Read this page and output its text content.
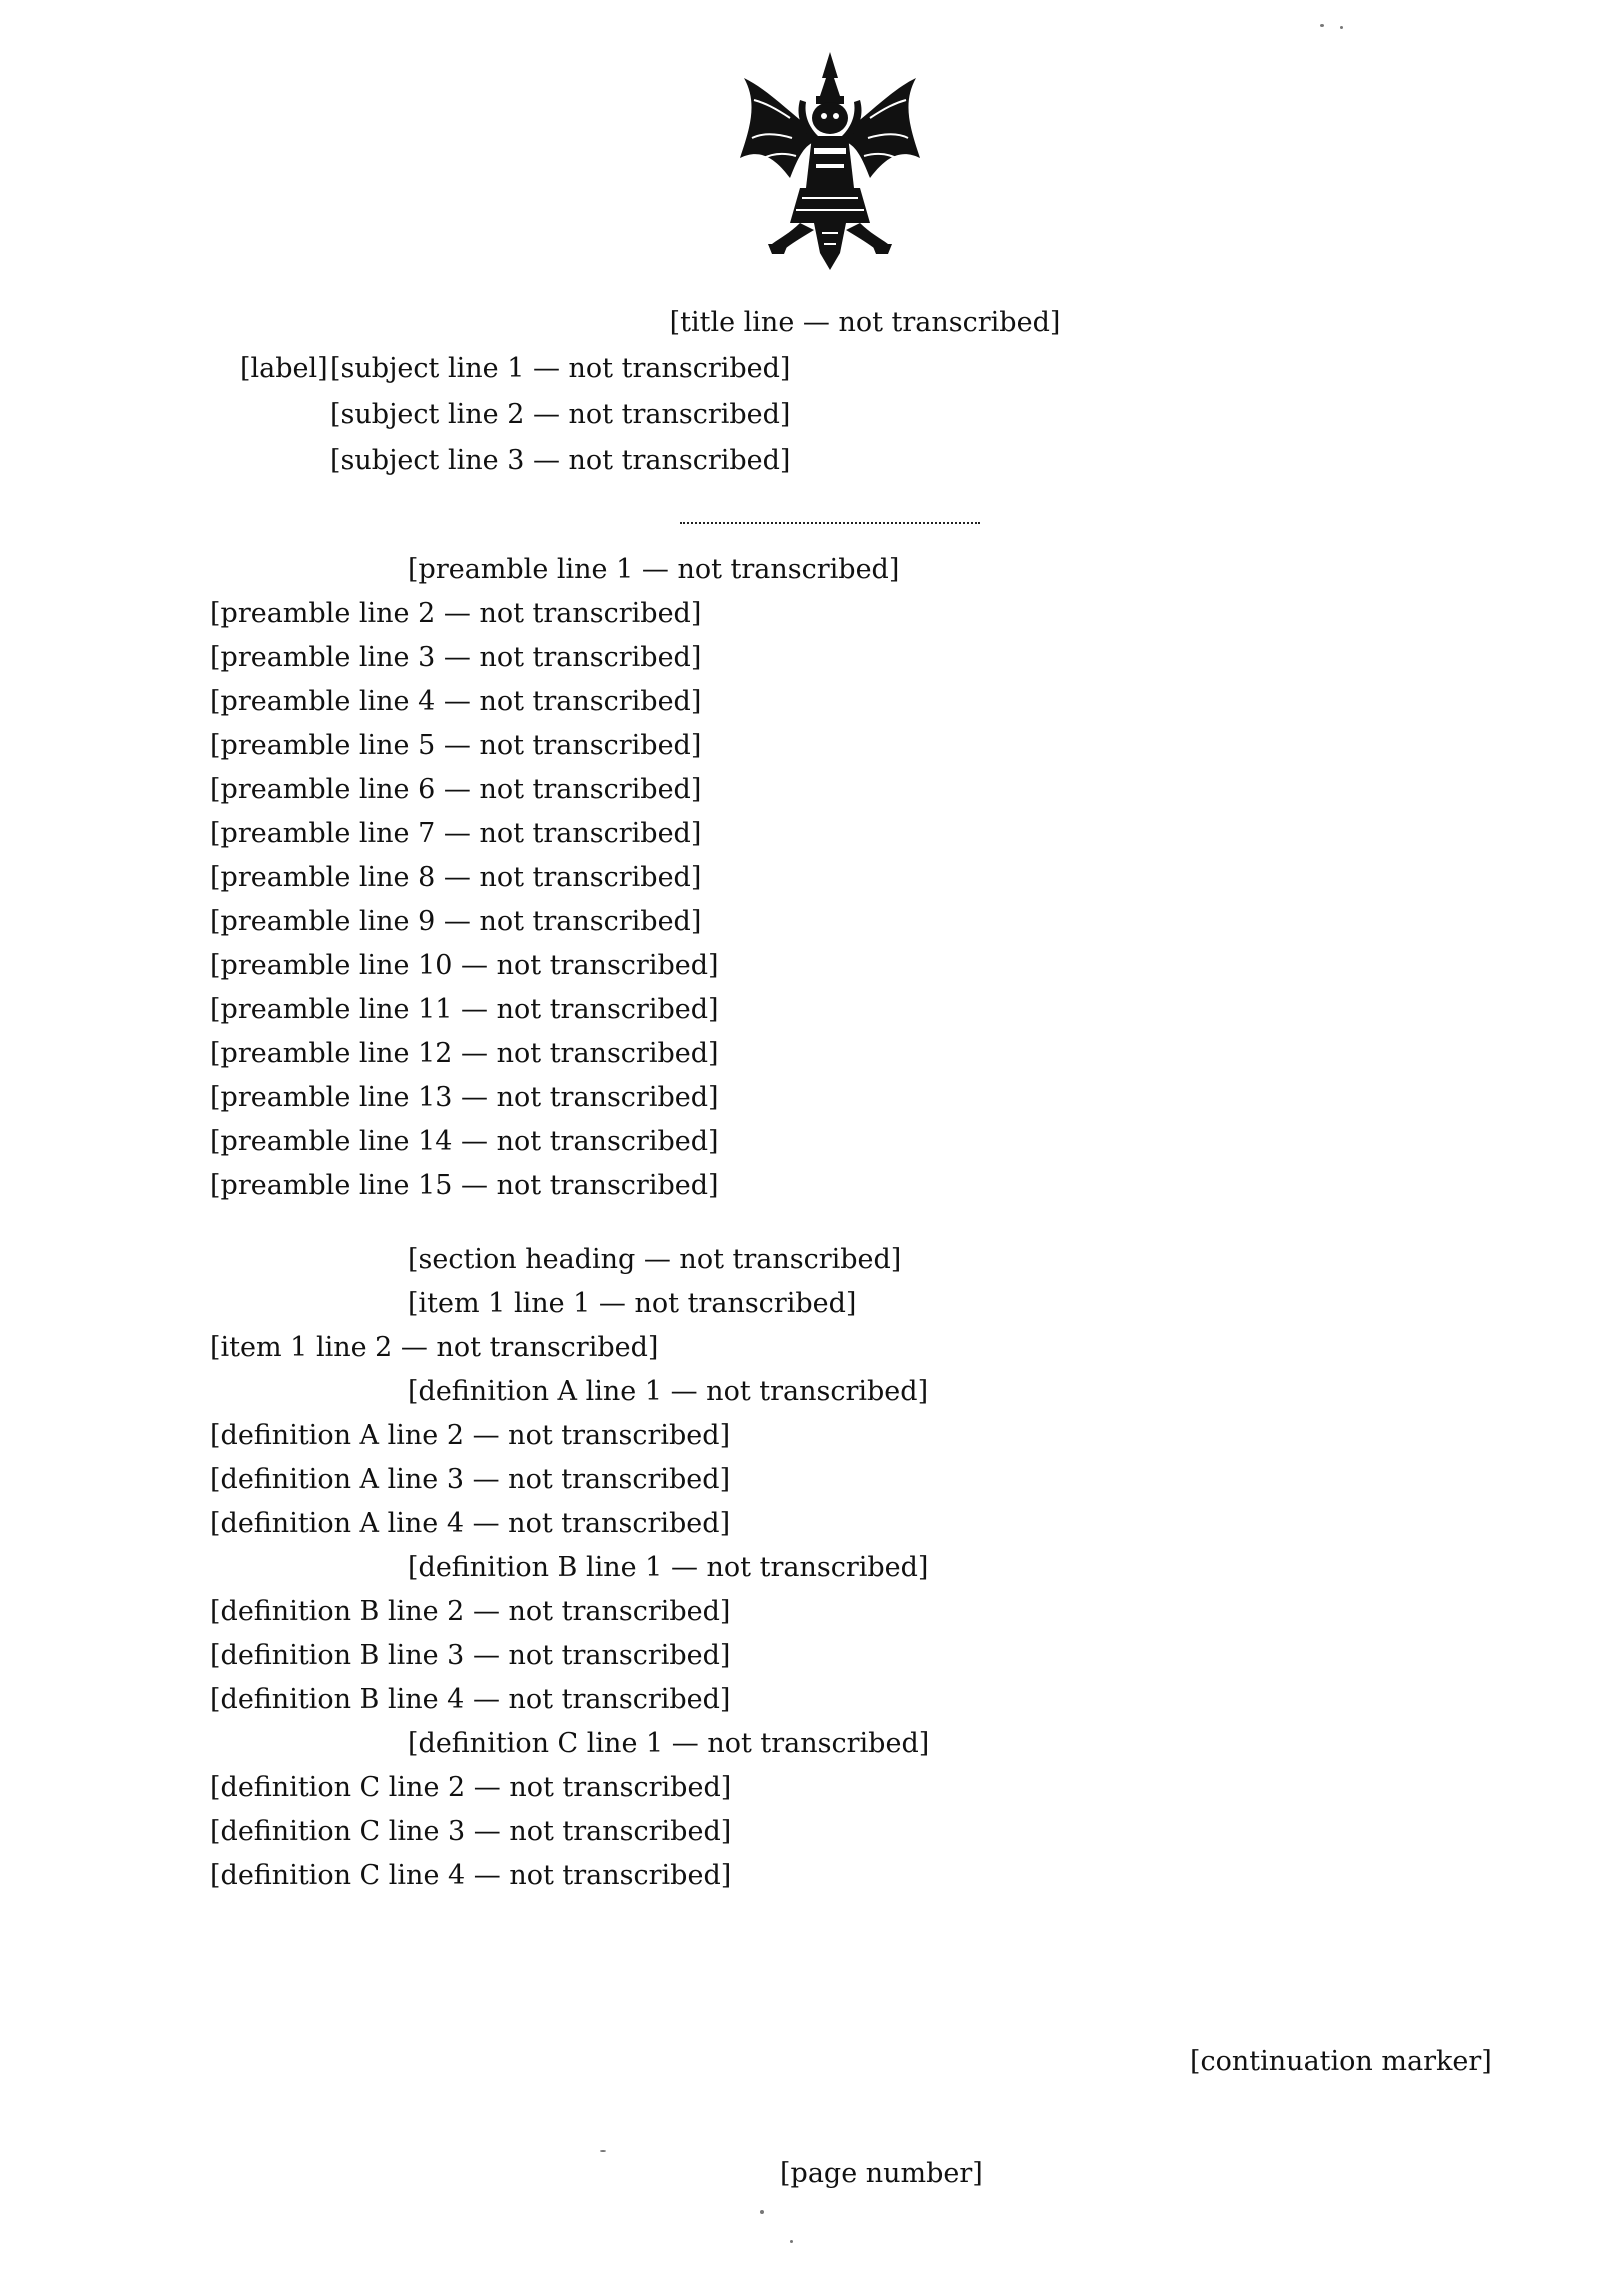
[title line — not transcribed]
[label] [subject line 1 — not transcribed]
[subject line 2 — not transcribed]
[subject line 3 — not transcribed]
[preamble line 1 — not transcribed]
[preamble line 2 — not transcribed]
[preamble line 3 — not transcribed]
[preamble line 4 — not transcribed]
[preamble line 5 — not transcribed]
[preamble line 6 — not transcribed]
[preamble line 7 — not transcribed]
[preamble line 8 — not transcribed]
[preamble line 9 — not transcribed]
[preamble line 10 — not transcribed]
[preamble line 11 — not transcribed]
[preamble line 12 — not transcribed]
[preamble line 13 — not transcribed]
[preamble line 14 — not transcribed]
[preamble line 15 — not transcribed]
[section heading — not transcribed]
[item 1 line 1 — not transcribed]
[item 1 line 2 — not transcribed]
[definition A line 1 — not transcribed]
[definition A line 2 — not transcribed]
[definition A line 3 — not transcribed]
[definition A line 4 — not transcribed]
[definition B line 1 — not transcribed]
[definition B line 2 — not transcribed]
[definition B line 3 — not transcribed]
[definition B line 4 — not transcribed]
[definition C line 1 — not transcribed]
[definition C line 2 — not transcribed]
[definition C line 3 — not transcribed]
[definition C line 4 — not transcribed]
[continuation marker]
[page number]
